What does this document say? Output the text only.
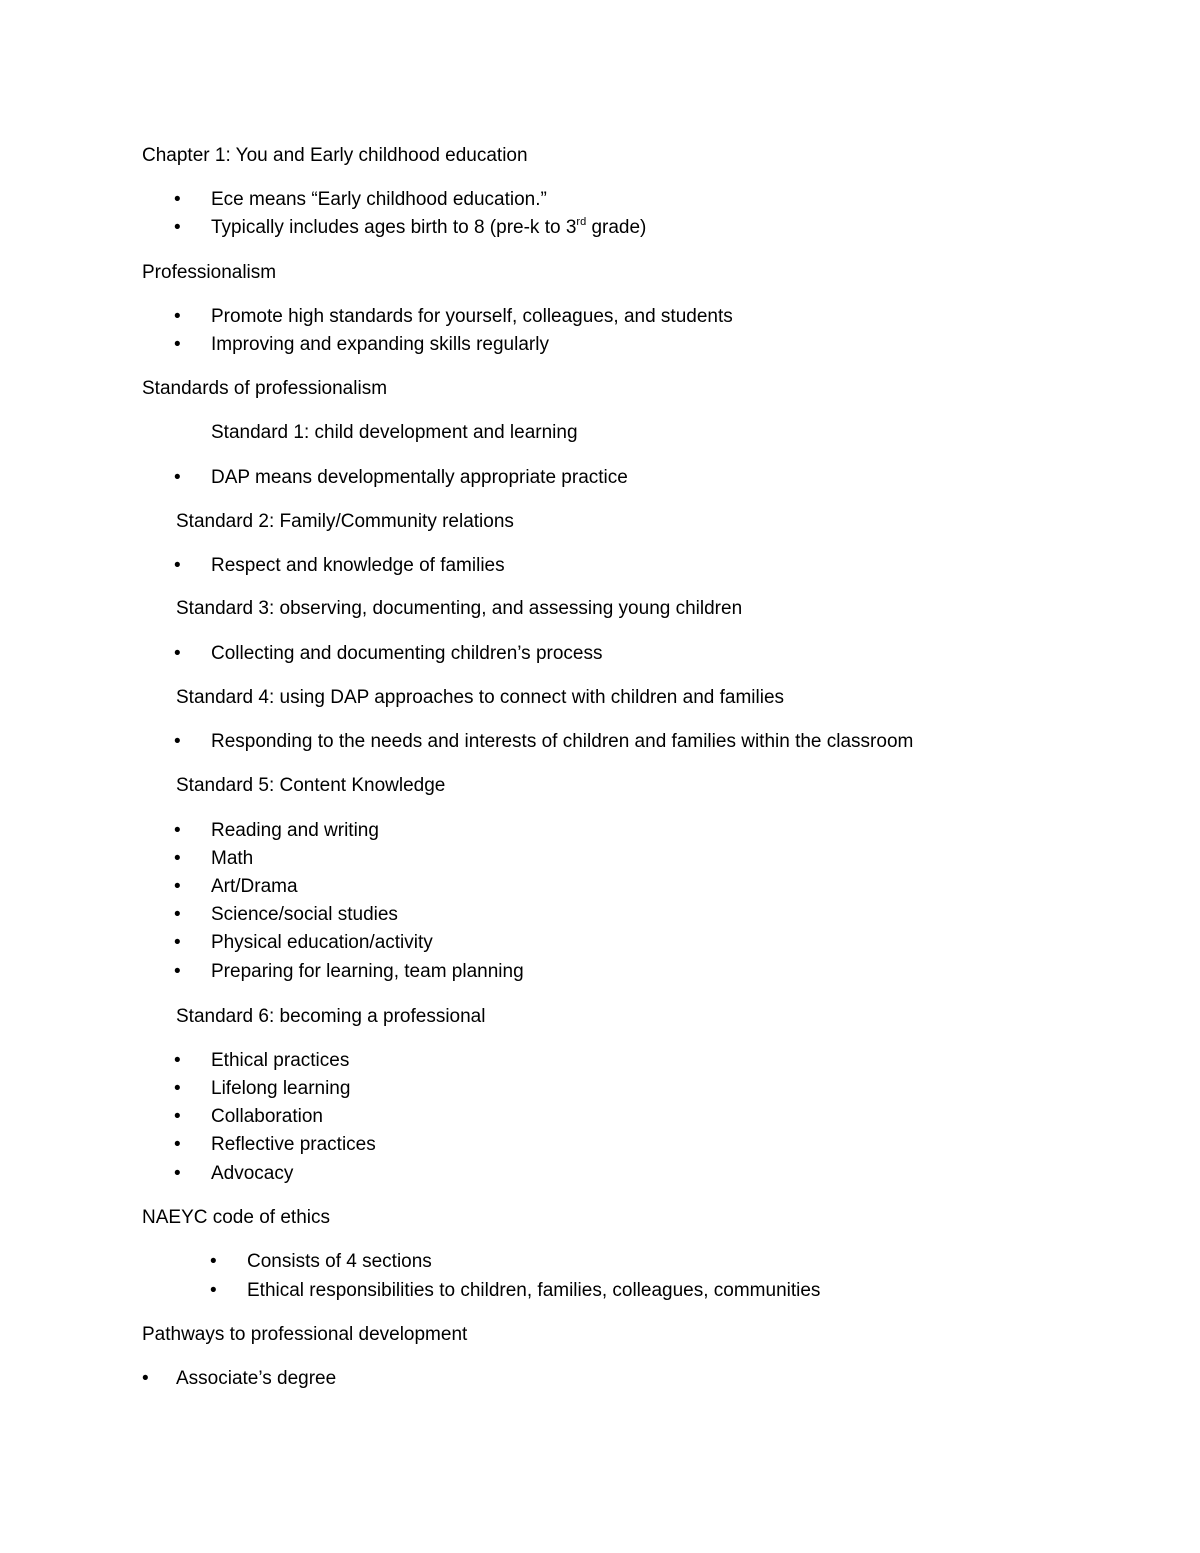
Chapter 1: You and Early childhood education
• Ece means “Early childhood education.”
• Typically includes ages birth to 8 (pre-k to 3rd grade)
Professionalism
• Promote high standards for yourself, colleagues, and students
• Improving and expanding skills regularly
Standards of professionalism
Standard 1: child development and learning
• DAP means developmentally appropriate practice
Standard 2: Family/Community relations
• Respect and knowledge of families
Standard 3: observing, documenting, and assessing young children
• Collecting and documenting children’s process
Standard 4: using DAP approaches to connect with children and families
• Responding to the needs and interests of children and families within the classroom
Standard 5: Content Knowledge
• Reading and writing
• Math
• Art/Drama
• Science/social studies
• Physical education/activity
• Preparing for learning, team planning
Standard 6: becoming a professional
• Ethical practices
• Lifelong learning
• Collaboration
• Reflective practices
• Advocacy
NAEYC code of ethics
• Consists of 4 sections
• Ethical responsibilities to children, families, colleagues, communities
Pathways to professional development
• Associate’s degree
